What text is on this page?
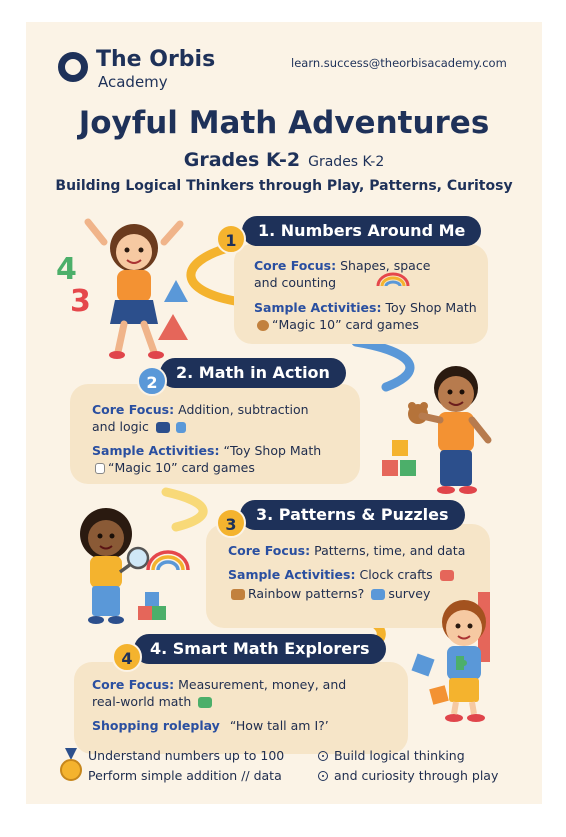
The Orbis
Academy
learn.success@theorbisacademy.com
Joyful Math Adventures
Grades K-2 Grades K-2
Building Logical Thinkers through Play, Patterns, Curitosy
4
3
1. Numbers Around Me
1
Core Focus: Shapes, space
and counting
Sample Activities: Toy Shop Math
“Magic 10” card games
2. Math in Action
2
Core Focus: Addition, subtraction
and logic
Sample Activities: “Toy Shop Math
“Magic 10” card games
3. Patterns & Puzzles
3
Core Focus: Patterns, time, and data
Sample Activities: Clock crafts
Rainbow patterns? survey
4. Smart Math Explorers
4
Core Focus: Measurement, money, and
real-world math
Shopping roleplay “How tall am I?’
Understand numbers up to 100
Perform simple addition // data
Build logical thinking
and curiosity through play
